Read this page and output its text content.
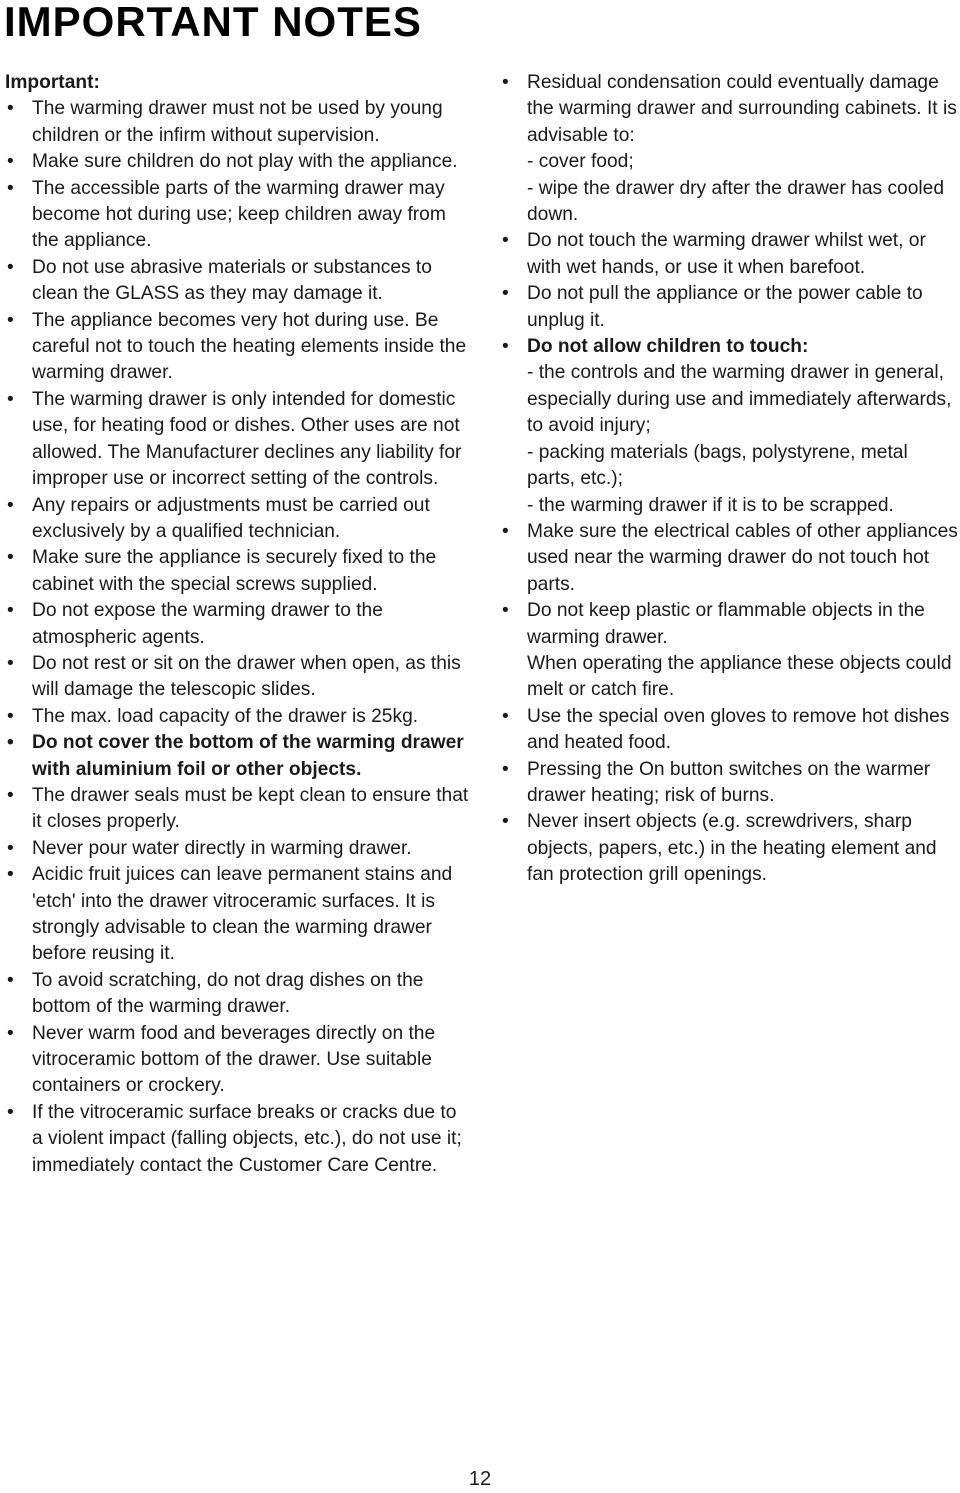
IMPORTANT NOTES

Important:

• The warming drawer must not be used by young children or the infirm without supervision.
• Make sure children do not play with the appliance.
• The accessible parts of the warming drawer may become hot during use; keep children away from the appliance.
• Do not use abrasive materials or substances to clean the GLASS as they may damage it.
• The appliance becomes very hot during use. Be careful not to touch the heating elements inside the warming drawer.
• The warming drawer is only intended for domestic use, for heating food or dishes. Other uses are not allowed. The Manufacturer declines any liability for improper use or incorrect setting of the controls.
• Any repairs or adjustments must be carried out exclusively by a qualified technician.
• Make sure the appliance is securely fixed to the cabinet with the special screws supplied.
• Do not expose the warming drawer to the atmospheric agents.
• Do not rest or sit on the drawer when open, as this will damage the telescopic slides.
• The max. load capacity of the drawer is 25kg.
• Do not cover the bottom of the warming drawer with aluminium foil or other objects.
• The drawer seals must be kept clean to ensure that it closes properly.
• Never pour water directly in warming drawer.
• Acidic fruit juices can leave permanent stains and 'etch' into the drawer vitroceramic surfaces. It is strongly advisable to clean the warming drawer before reusing it.
• To avoid scratching, do not drag dishes on the bottom of the warming drawer.
• Never warm food and beverages directly on the vitroceramic bottom of the drawer. Use suitable containers or crockery.
• If the vitroceramic surface breaks or cracks due to a violent impact (falling objects, etc.), do not use it; immediately contact the Customer Care Centre.
• Residual condensation could eventually damage the warming drawer and surrounding cabinets. It is advisable to:
- cover food;
- wipe the drawer dry after the drawer has cooled down.
• Do not touch the warming drawer whilst wet, or with wet hands, or use it when barefoot.
• Do not pull the appliance or the power cable to unplug it.
• Do not allow children to touch:
- the controls and the warming drawer in general, especially during use and immediately afterwards, to avoid injury;
- packing materials (bags, polystyrene, metal parts, etc.);
- the warming drawer if it is to be scrapped.
• Make sure the electrical cables of other appliances used near the warming drawer do not touch hot parts.
• Do not keep plastic or flammable objects in the warming drawer.
When operating the appliance these objects could melt or catch fire.
• Use the special oven gloves to remove hot dishes and heated food.
• Pressing the On button switches on the warmer drawer heating; risk of burns.
• Never insert objects (e.g. screwdrivers, sharp objects, papers, etc.) in the heating element and fan protection grill openings.
12
